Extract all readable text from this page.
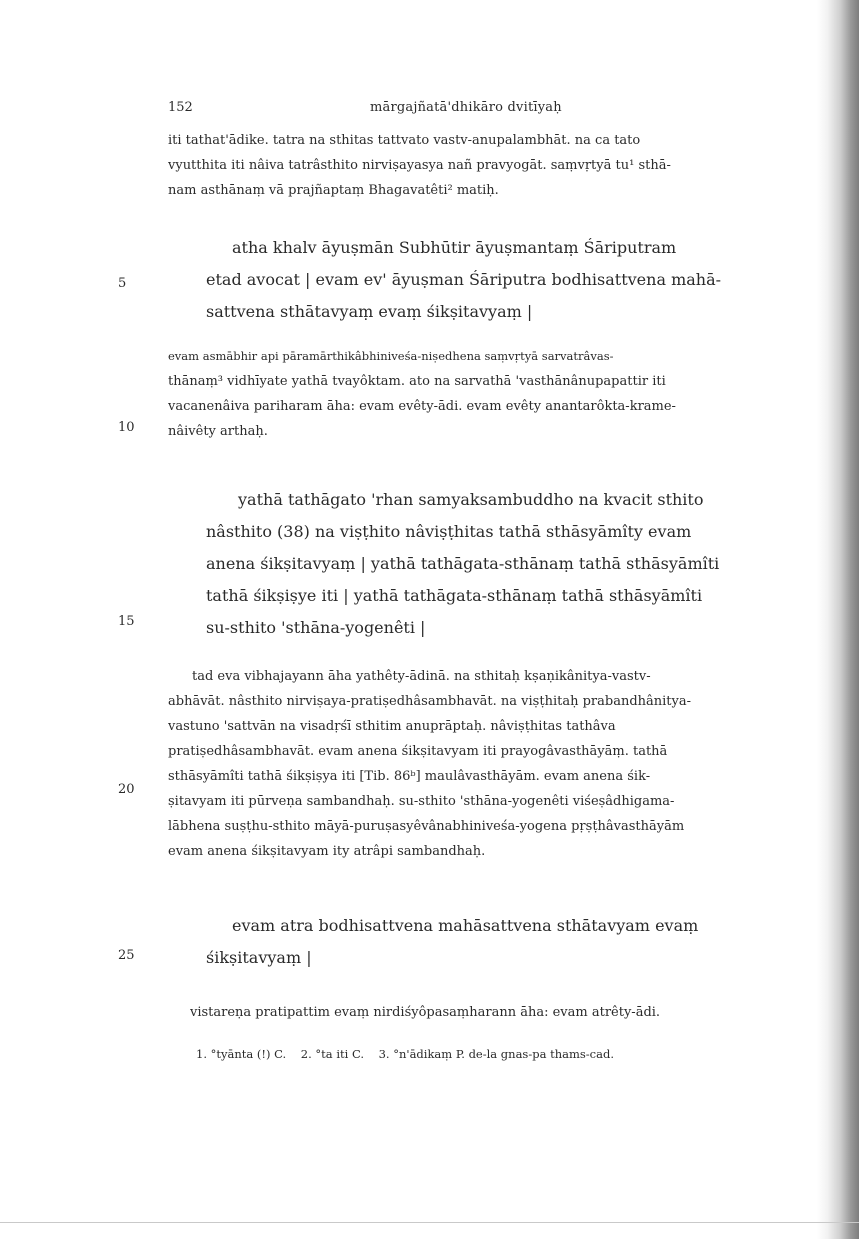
152	mārgajñatā'dhikāro dvitīyaḥ
iti tathat'ādike. tatra na sthitas tattvato vastv-anupalambhāt. na ca tato
vyutthita iti nâiva tatrâsthito nirviṣayasya nañ pravyogāt. saṃvṛtyā tu¹ sthā-
nam asthānaṃ vā prajñaptaṃ Bhagavatêti² matiḥ.
atha khalv āyuṣmān Subhūtir āyuṣmantaṃ Śāriputram
etad avocat | evam ev' āyuṣman Śāriputra bodhisattvena mahā-
sattvena sthātavyaṃ evaṃ śikṣitavyaṃ |
5
evam asmābhir api pāramārthikâbhiniveśa-niṣedhena saṃvṛtyā sarvatrâvas-
thānaṃ³ vidhīyate yathā tvayôktam. ato na sarvathā 'vasthānânupapattir iti
vacanenâiva pariharam āha: evam evêty-ādi. evam evêty anantarôkta-krame-
nâivêty arthaḥ.
10
yathā tathāgato 'rhan samyaksambuddho na kvacit sthito
nâsthito (38) na viṣṭhito nâviṣṭhitas tathā sthāsyāmîty evam
anena śikṣitavyaṃ | yathā tathāgata-sthānaṃ tathā sthāsyāmîti
tathā śikṣiṣye iti | yathā tathāgata-sthānaṃ tathā sthāsyāmîti
su-sthito 'sthāna-yogenêti |
15
tad eva vibhajayann āha yathêty-ādinā. na sthitaḥ kṣaṇikânitya-vastv-
abhāvāt. nâsthito nirviṣaya-pratiṣedhâsambhavāt. na viṣṭhitaḥ prabandhânitya-
vastuno 'sattvān na visadṛśī sthitim anuprāptaḥ. nâviṣṭhitas tathâva
pratiṣedhâsambhavāt. evam anena śikṣitavyam iti prayogâvasthāyāṃ. tathā
sthāsyāmîti tathā śikṣiṣya iti [Tib. 86ᵇ] maulâvasthāyām. evam anena śik-
ṣitavyam iti pūrveṇa sambandhaḥ. su-sthito 'sthāna-yogenêti viśeṣâdhigama-
lābhena suṣṭhu-sthito māyā-puruṣasyêvânabhiniveśa-yogena pṛṣṭhâvasthāyām
evam anena śikṣitavyam ity atrâpi sambandhaḥ.
20
evam atra bodhisattvena mahāsattvena sthātavyam evaṃ
śikṣitavyaṃ |
25
vistareṇa pratipattim evaṃ nirdiśyôpasaṃharann āha: evam atrêty-ādi.
1. °tyānta (!) C.    2. °ta iti C.    3. °n'ādikaṃ P. de-la gnas-pa thams-cad.
